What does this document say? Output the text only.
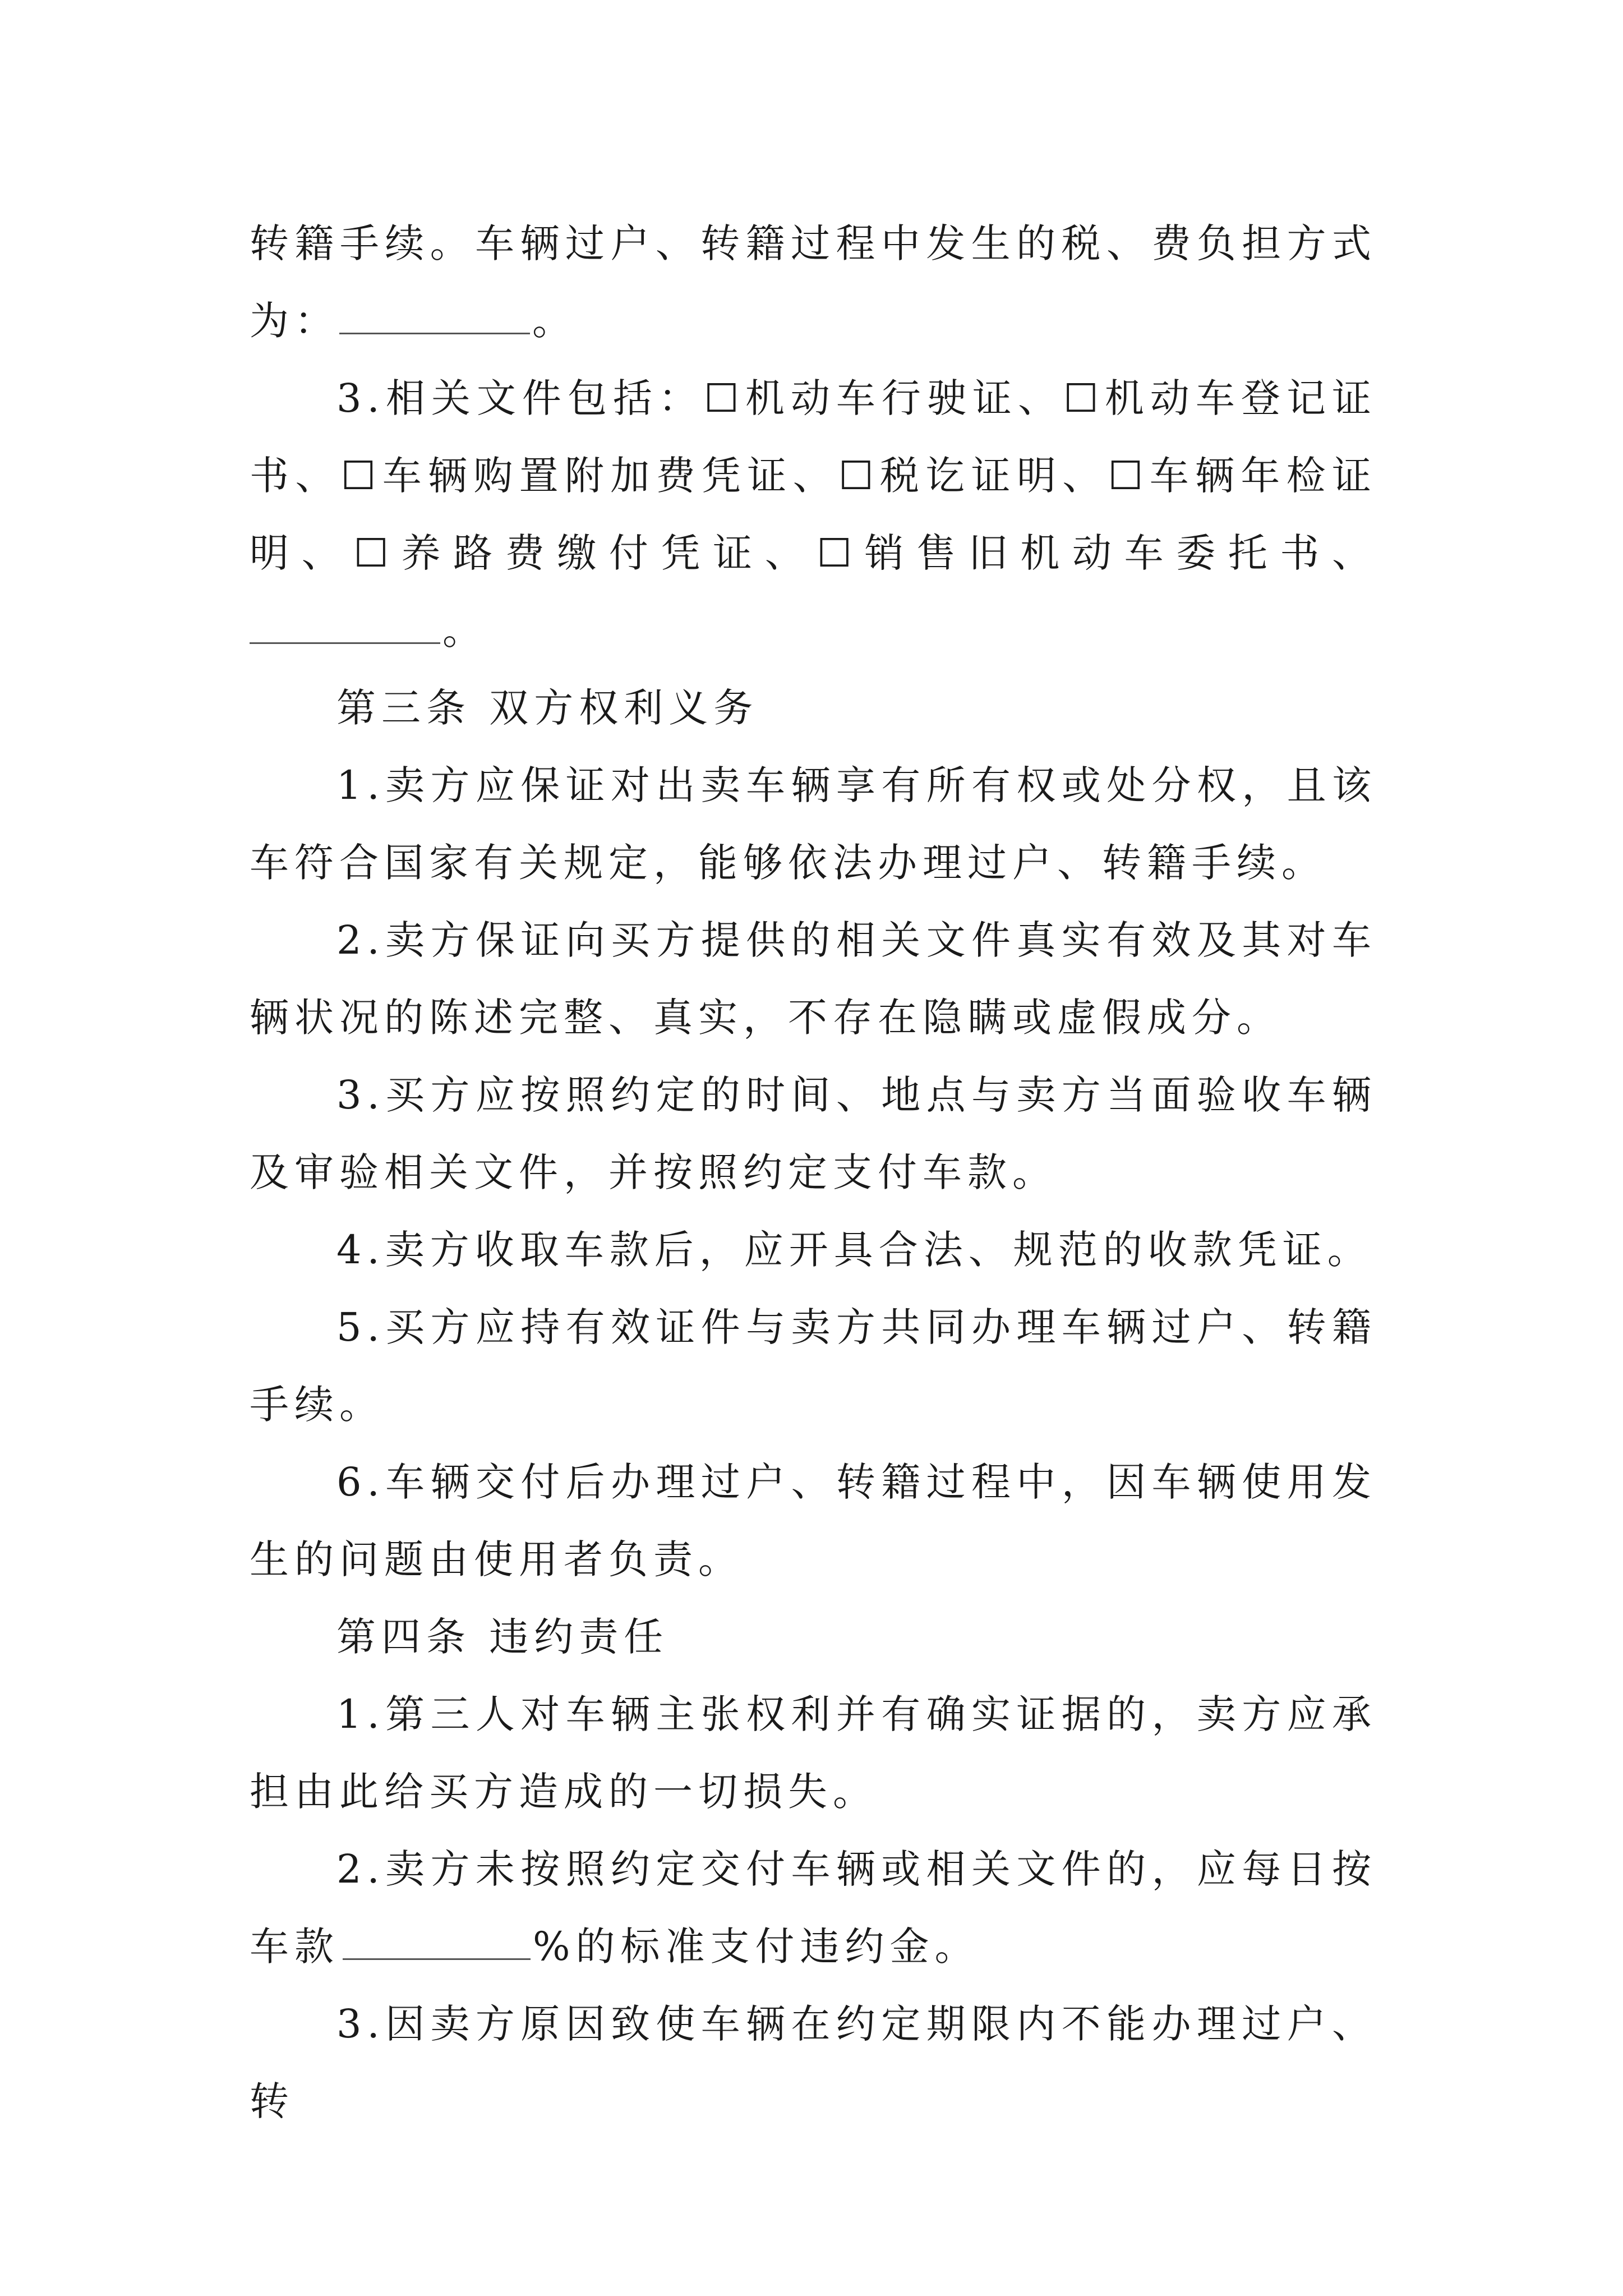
转籍手续。车辆过户、转籍过程中发生的税、费负担方式为：	。

3.相关文件包括：☐机动车行驶证、☐机动车登记证书、☐车辆购置附加费凭证、☐税讫证明、☐车辆年检证明、☐养路费缴付凭证、☐销售旧机动车委托书、。

第三条 双方权利义务

1.卖方应保证对出卖车辆享有所有权或处分权，且该车符合国家有关规定，能够依法办理过户、转籍手续。

2.卖方保证向买方提供的相关文件真实有效及其对车辆状况的陈述完整、真实，不存在隐瞒或虚假成分。

3.买方应按照约定的时间、地点与卖方当面验收车辆及审验相关文件，并按照约定支付车款。

4.卖方收取车款后，应开具合法、规范的收款凭证。

5.买方应持有效证件与卖方共同办理车辆过户、转籍手续。

6.车辆交付后办理过户、转籍过程中，因车辆使用发生的问题由使用者负责。

第四条 违约责任

1.第三人对车辆主张权利并有确实证据的，卖方应承担由此给买方造成的一切损失。

2.卖方未按照约定交付车辆或相关文件的，应每日按车款	%的标准支付违约金。

3.因卖方原因致使车辆在约定期限内不能办理过户、转
